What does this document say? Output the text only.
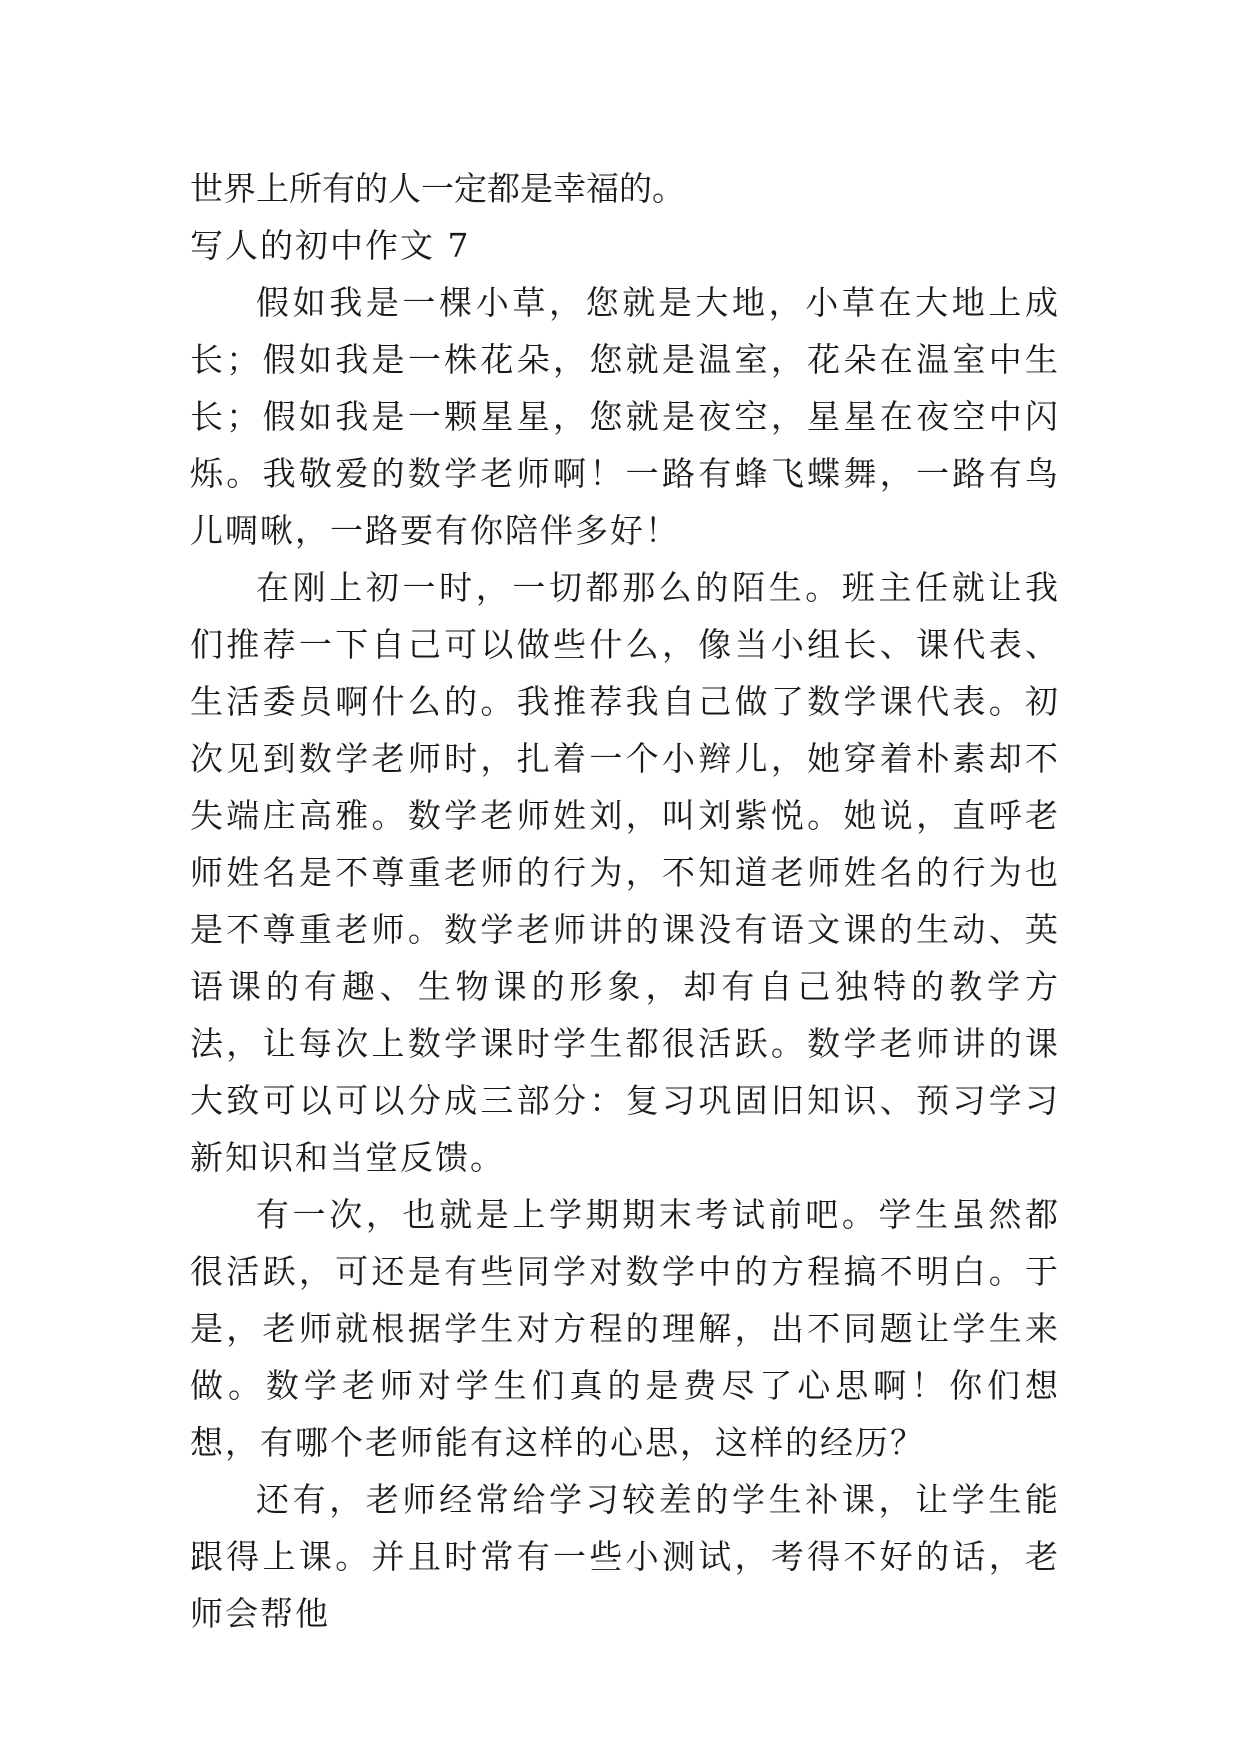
世界上所有的人一定都是幸福的。
写人的初中作文 7

假如我是一棵小草，您就是大地，小草在大地上成长；假如我是一株花朵，您就是温室，花朵在温室中生长；假如我是一颗星星，您就是夜空，星星在夜空中闪烁。我敬爱的数学老师啊！一路有蜂飞蝶舞，一路有鸟儿啁啾，一路要有你陪伴多好！

在刚上初一时，一切都那么的陌生。班主任就让我们推荐一下自己可以做些什么，像当小组长、课代表、生活委员啊什么的。我推荐我自己做了数学课代表。初次见到数学老师时，扎着一个小辫儿，她穿着朴素却不失端庄高雅。数学老师姓刘，叫刘紫悦。她说，直呼老师姓名是不尊重老师的行为，不知道老师姓名的行为也是不尊重老师。数学老师讲的课没有语文课的生动、英语课的有趣、生物课的形象，却有自己独特的教学方法，让每次上数学课时学生都很活跃。数学老师讲的课大致可以可以分成三部分：复习巩固旧知识、预习学习新知识和当堂反馈。

有一次，也就是上学期期末考试前吧。学生虽然都很活跃，可还是有些同学对数学中的方程搞不明白。于是，老师就根据学生对方程的理解，出不同题让学生来做。数学老师对学生们真的是费尽了心思啊！你们想想，有哪个老师能有这样的心思，这样的经历？

还有，老师经常给学习较差的学生补课，让学生能跟得上课。并且时常有一些小测试，考得不好的话，老师会帮他
